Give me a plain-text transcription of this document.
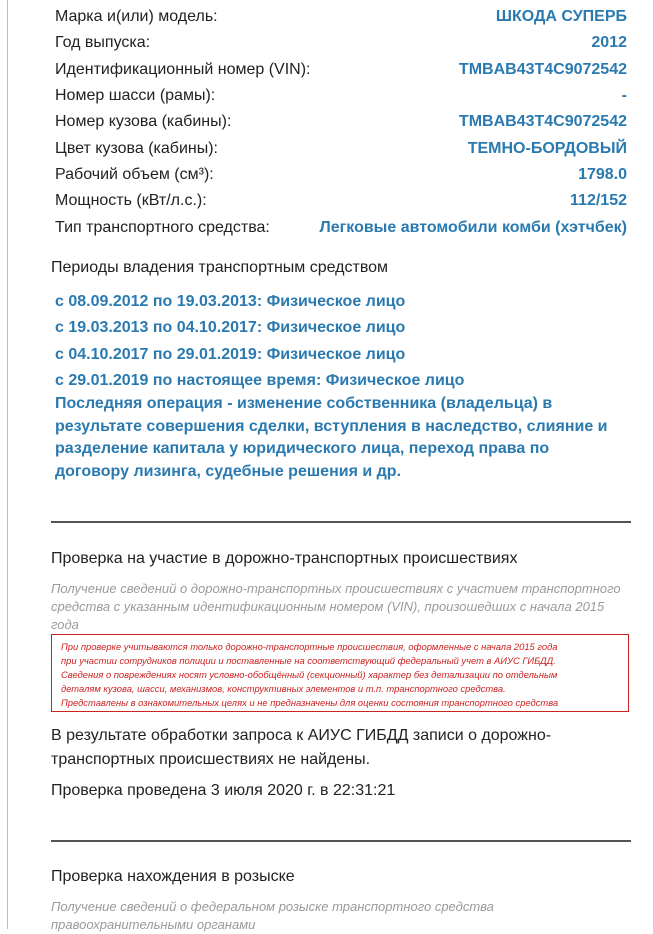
Марка и(или) модель:	ШКОДА СУПЕРБ
Год выпуска:	2012
Идентификационный номер (VIN):	TMBAB43T4C9072542
Номер шасси (рамы):	-
Номер кузова (кабины):	TMBAB43T4C9072542
Цвет кузова (кабины):	ТЕМНО-БОРДОВЫЙ
Рабочий объем (см³):	1798.0
Мощность (кВт/л.с.):	112/152
Тип транспортного средства:	Легковые автомобили комби (хэтчбек)
Периоды владения транспортным средством
с 08.09.2012 по 19.03.2013: Физическое лицо
с 19.03.2013 по 04.10.2017: Физическое лицо
с 04.10.2017 по 29.01.2019: Физическое лицо
с 29.01.2019 по настоящее время: Физическое лицо
Последняя операция - изменение собственника (владельца) в результате совершения сделки, вступления в наследство, слияние и разделение капитала у юридического лица, переход права по договору лизинга, судебные решения и др.
Проверка на участие в дорожно-транспортных происшествиях
Получение сведений о дорожно-транспортных происшествиях с участием транспортного средства с указанным идентификационным номером (VIN), произошедших с начала 2015 года
При проверке учитываются только дорожно-транспортные происшествия, оформленные с начала 2015 года
при участии сотрудников полиции и поставленные на соответствующий федеральный учет в АИУС ГИБДД.
Сведения о повреждениях носят условно-обобщённый (секционный) характер без детализации по отдельным
деталям кузова, шасси, механизмов, конструктивных элементов и т.п. транспортного средства.
Представлены в ознакомительных целях и не предназначены для оценки состояния транспортного средства
В результате обработки запроса к АИУС ГИБДД записи о дорожно-транспортных происшествиях не найдены.
Проверка проведена 3 июля 2020 г. в 22:31:21
Проверка нахождения в розыске
Получение сведений о федеральном розыске транспортного средства правоохранительными органами
